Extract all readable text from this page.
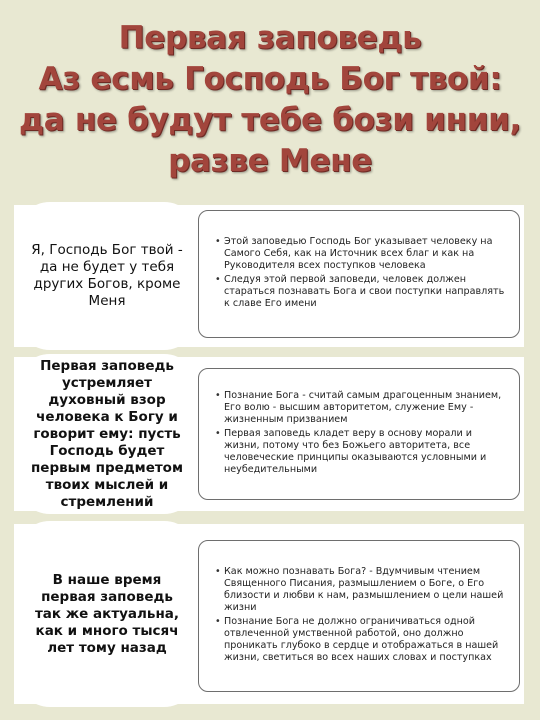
Первая заповедь
Аз есмь Господь Бог твой:
да не будут тебе бози инии,
разве Мене
Я, Господь Бог твой - да не будет у тебя других Богов, кроме Меня
• Этой заповедью Господь Бог указывает человеку на Самого Себя, как на Источник всех благ и как на Руководителя всех поступков человека
• Следуя этой первой заповеди, человек должен стараться познавать Бога и свои поступки направлять к славе Его имени
Первая заповедь устремляет духовный взор человека к Богу и говорит ему: пусть Господь будет первым предметом твоих мыслей и стремлений
• Познание Бога - считай самым драгоценным знанием, Его волю - высшим авторитетом, служение Ему - жизненным призванием
• Первая заповедь кладет веру в основу морали и жизни, потому что без Божьего авторитета, все человеческие принципы оказываются условными и неубедительными
В наше время первая заповедь так же актуальна, как и много тысяч лет тому назад
• Как можно познавать Бога? - Вдумчивым чтением Священного Писания, размышлением о Боге, о Его близости и любви к нам, размышлением о цели нашей жизни
• Познание Бога не должно ограничиваться одной отвлеченной умственной работой, оно должно проникать глубоко в сердце и отображаться в нашей жизни, светиться во всех наших словах и поступках
